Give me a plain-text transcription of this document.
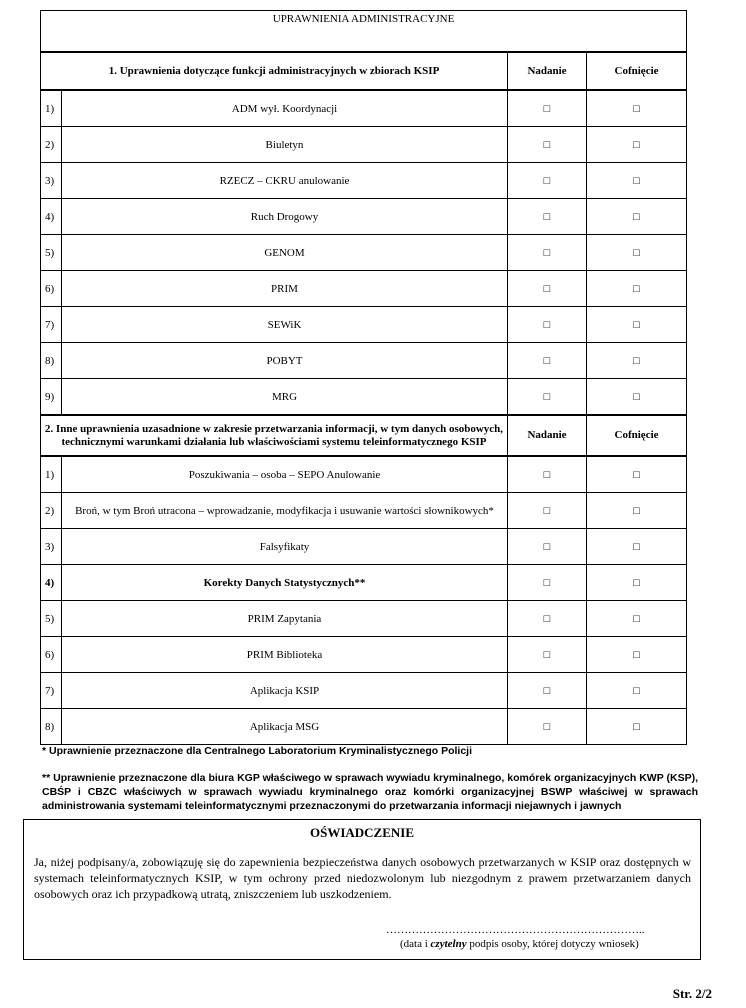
UPRAWNIENIA ADMINISTRACYJNE			
1. Uprawnienia dotyczące funkcji administracyjnych w zbiorach KSIP		Nadanie	Cofnięcie
1)	ADM wył. Koordynacji	□	□
2)	Biuletyn	□	□
3)	RZECZ – CKRU anulowanie	□	□
4)	Ruch Drogowy	□	□
5)	GENOM	□	□
6)	PRIM	□	□
7)	SEWiK	□	□
8)	POBYT	□	□
9)	MRG	□	□
2. Inne uprawnienia uzasadnione w zakresie przetwarzania informacji, w tym danych osobowych, technicznymi warunkami działania lub właściwościami systemu teleinformatycznego KSIP		Nadanie	Cofnięcie
1)	Poszukiwania – osoba – SEPO Anulowanie	□	□
2)	Broń, w tym Broń utracona – wprowadzanie, modyfikacja i usuwanie wartości słownikowych*	□	□
3)	Falsyfikaty	□	□
4)	Korekty Danych Statystycznych**	□	□
5)	PRIM Zapytania	□	□
6)	PRIM Biblioteka	□	□
7)	Aplikacja KSIP	□	□
8)	Aplikacja MSG	□	□
* Uprawnienie przeznaczone dla Centralnego Laboratorium Kryminalistycznego Policji
** Uprawnienie przeznaczone dla biura KGP właściwego w sprawach wywiadu kryminalnego, komórek organizacyjnych KWP (KSP), CBŚP i CBZC właściwych w sprawach wywiadu kryminalnego oraz komórki organizacyjnej BSWP właściwej w sprawach administrowania systemami teleinformatycznymi przeznaczonymi do przetwarzania informacji niejawnych i jawnych
OŚWIADCZENIE
Ja, niżej podpisany/a, zobowiązuję się do zapewnienia bezpieczeństwa danych osobowych przetwarzanych w KSIP oraz dostępnych w systemach teleinformatycznych KSIP, w tym ochrony przed niedozwolonym lub niezgodnym z prawem przetwarzaniem danych osobowych oraz ich przypadkową utratą, zniszczeniem lub uszkodzeniem.
……………………………………………………………..
(data i czytelny podpis osoby, której dotyczy wniosek)
Str. 2/2
